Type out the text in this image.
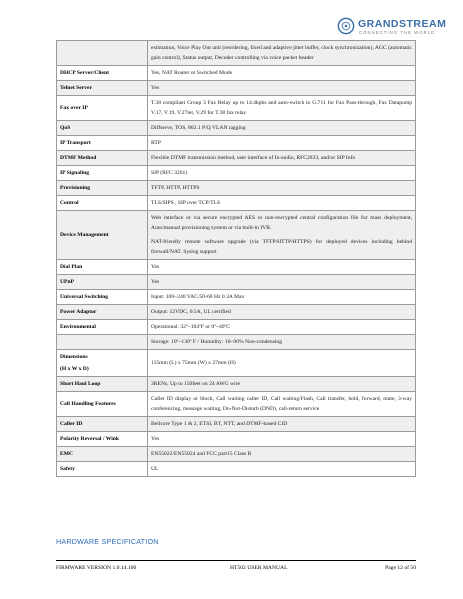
GRANDSTREAM
CONNECTING THE WORLD

	estimation, Voice Play Out unit (reordering, fixed and adaptive jitter buffer, clock synchronization), AGC (automatic gain control), Status output, Decoder controlling via voice packet header

DHCP Server/Client	Yes, NAT Router or Switched Mode

Telnet Server	Yes

Fax over IP	T.38 compliant Group 3 Fax Relay up to 14.4kpbs and auto-switch to G.711 for Fax Pass-through, Fax Datapump V.17, V.19, V.27ter, V.29 for T.38 fax relay

QoS	Diffserve, TOS, 802.1 P/Q VLAN tagging

IP Transport	RTP

DTMF Method	Flexible DTMF transmission method, user interface of In-audio, RFC2833, and/or SIP Info

IP Signaling	SIP (RFC 3261)

Provisioning	TFTP, HTTP, HTTPS

Control	TLS/SIPS , SIP over TCP/TLS

Device Management	Web interface or via secure encrypted AES or non-encrypted central configuration file for mass deployment, Auto/manual provisioning system or via built-in IVR.
NAT-friendly remote software upgrade (via TFTP/HTTP/HTTPS) for deployed devices including behind firewall/NAT. Syslog support

Dial Plan	Yes

UPnP	Yes

Universal Switching	Input: 100~240 VAC/50-60 Hz 0.3A Max

Power Adaptor	Output: 12VDC, 0.5A, UL certified

Environmental	Operational: 32º~104ºF or 0º~40ºC

	Storage: 10º~130º F / Humidity: 10~90% Non-condensing

Dimensions
(H x W x D)	115mm (L) x 75mm (W) x 27mm (H)

Short Haul Loop	3RENs, Up to 150feet on 24 AWG wire

Call Handling Features	Caller ID display or block, Call waiting caller ID, Call waiting/Flash, Call transfer, hold, forward, mute, 3-way conferencing, message waiting, Do-Not-Disturb (DND), call-return service

Caller ID	Bellcore Type 1 & 2, ETSI, BT, NTT, and DTMF-based CID

Polarity Reversal / Wink	Yes

EMC	EN55022/EN55024 and FCC part15 Class B

Safety	UL
HARDWARE SPECIFICATION
FIRMWARE VERSION 1.0.14.100	HT502 USER MANUAL	Page 12 of 50
